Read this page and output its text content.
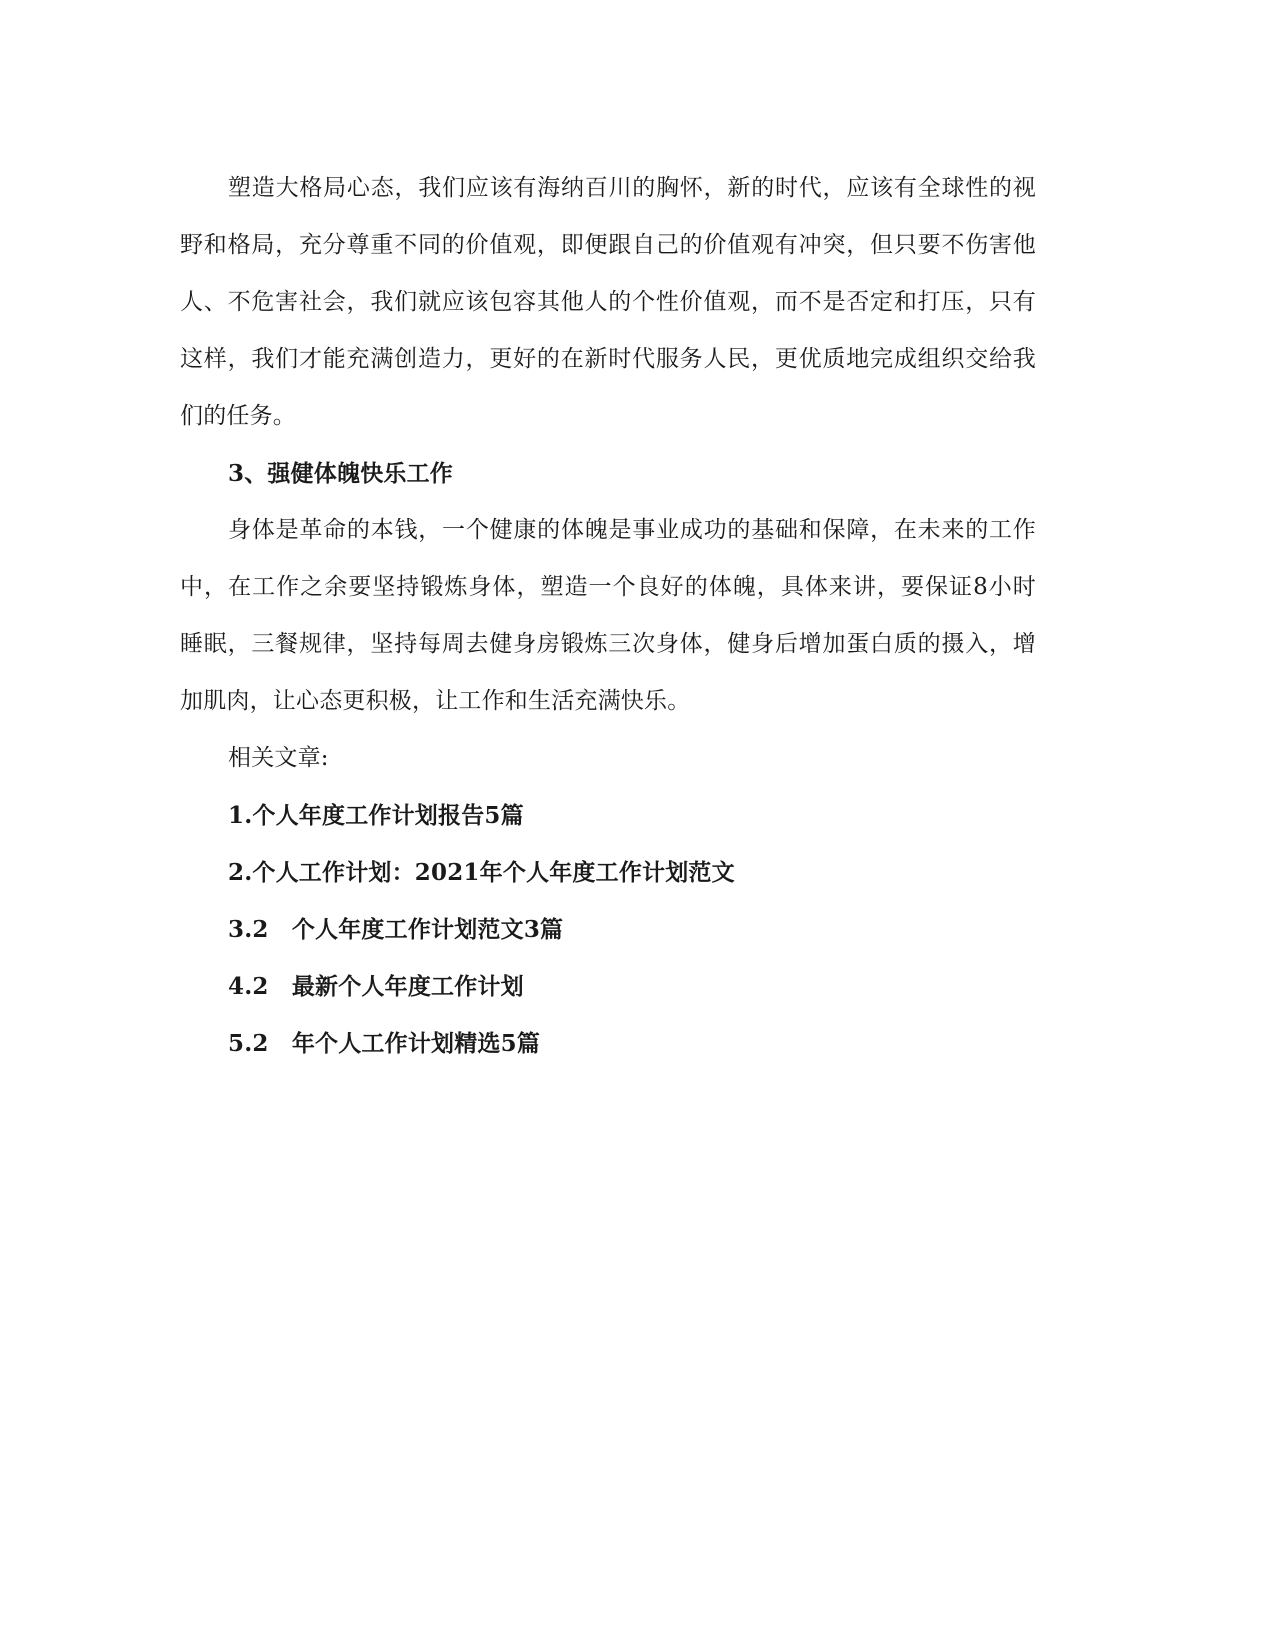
塑造大格局心态，我们应该有海纳百川的胸怀，新的时代，应该有全球性的视
野和格局，充分尊重不同的价值观，即便跟自己的价值观有冲突，但只要不伤害他
人、不危害社会，我们就应该包容其他人的个性价值观，而不是否定和打压，只有
这样，我们才能充满创造力，更好的在新时代服务人民，更优质地完成组织交给我
们的任务。
3、强健体魄快乐工作
身体是革命的本钱，一个健康的体魄是事业成功的基础和保障，在未来的工作
中，在工作之余要坚持锻炼身体，塑造一个良好的体魄，具体来讲，要保证8小时
睡眠，三餐规律，坚持每周去健身房锻炼三次身体，健身后增加蛋白质的摄入，增
加肌肉，让心态更积极，让工作和生活充满快乐。
相关文章:
1.个人年度工作计划报告5篇
2.个人工作计划：2021年个人年度工作计划范文
3.2　个人年度工作计划范文3篇
4.2　最新个人年度工作计划
5.2　年个人工作计划精选5篇
